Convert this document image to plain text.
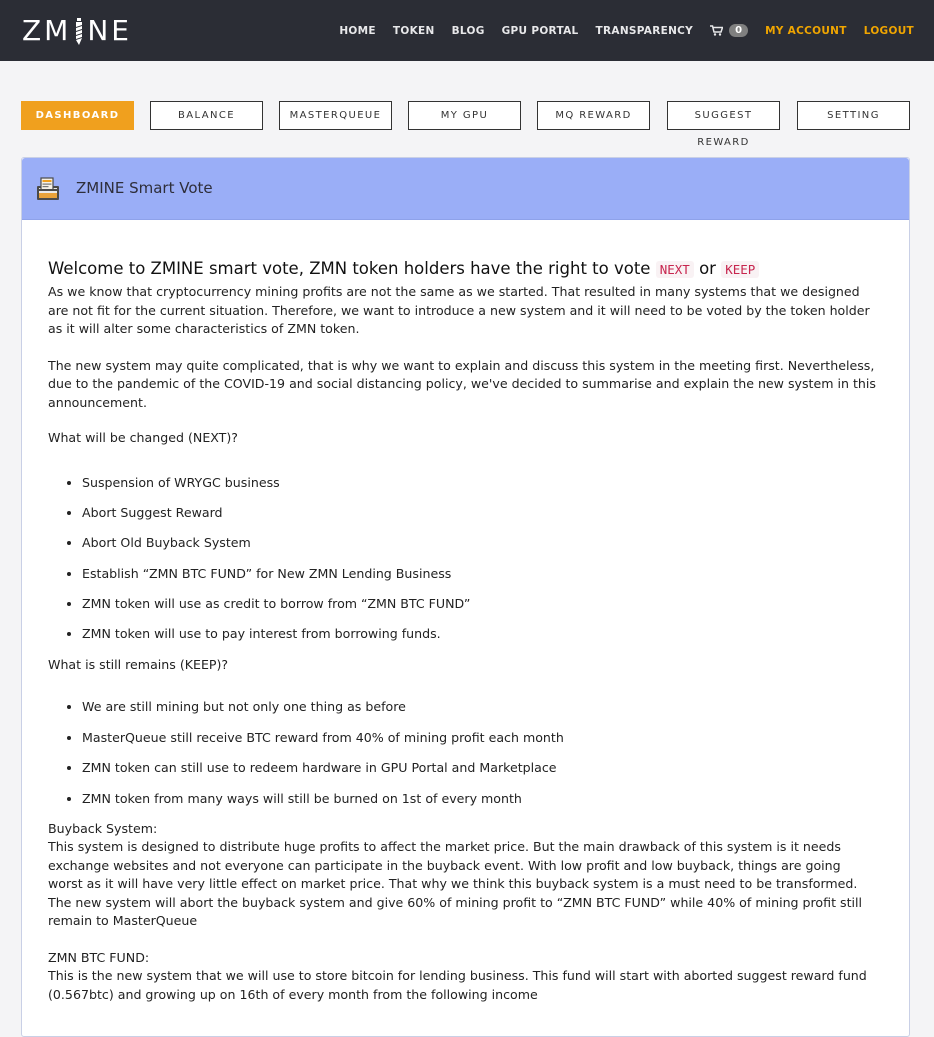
ZM NE	HOME TOKEN BLOG GPU PORTAL TRANSPARENCY	0	MY ACCOUNT LOGOUT
DASHBOARD	BALANCE	MASTERQUEUE	MY GPU	MQ REWARD	SUGGEST REWARD
SETTING
ZMINE Smart Vote
Welcome to ZMINE smart vote, ZMN token holders have the right to vote NEXT or KEEP

As we know that cryptocurrency mining profits are not the same as we started. That resulted in many systems that we designed are not fit for the current situation. Therefore, we want to introduce a new system and it will need to be voted by the token holder as it will alter some characteristics of ZMN token.

The new system may quite complicated, that is why we want to explain and discuss this system in the meeting first. Nevertheless, due to the pandemic of the COVID-19 and social distancing policy, we've decided to summarise and explain the new system in this announcement.

What will be changed (NEXT)?

• Suspension of WRYGC business
• Abort Suggest Reward
• Abort Old Buyback System
• Establish “ZMN BTC FUND” for New ZMN Lending Business
• ZMN token will use as credit to borrow from “ZMN BTC FUND”
• ZMN token will use to pay interest from borrowing funds.

What is still remains (KEEP)?

• We are still mining but not only one thing as before
• MasterQueue still receive BTC reward from 40% of mining profit each month
• ZMN token can still use to redeem hardware in GPU Portal and Marketplace
• ZMN token from many ways will still be burned on 1st of every month

Buyback System:

This system is designed to distribute huge profits to affect the market price. But the main drawback of this system is it needs exchange websites and not everyone can participate in the buyback event. With low profit and low buyback, things are going worst as it will have very little effect on market price. That why we think this buyback system is a must need to be transformed. The new system will abort the buyback system and give 60% of mining profit to “ZMN BTC FUND” while 40% of mining profit still remain to MasterQueue

ZMN BTC FUND:

This is the new system that we will use to store bitcoin for lending business. This fund will start with aborted suggest reward fund (0.567btc) and growing up on 16th of every month from the following income
